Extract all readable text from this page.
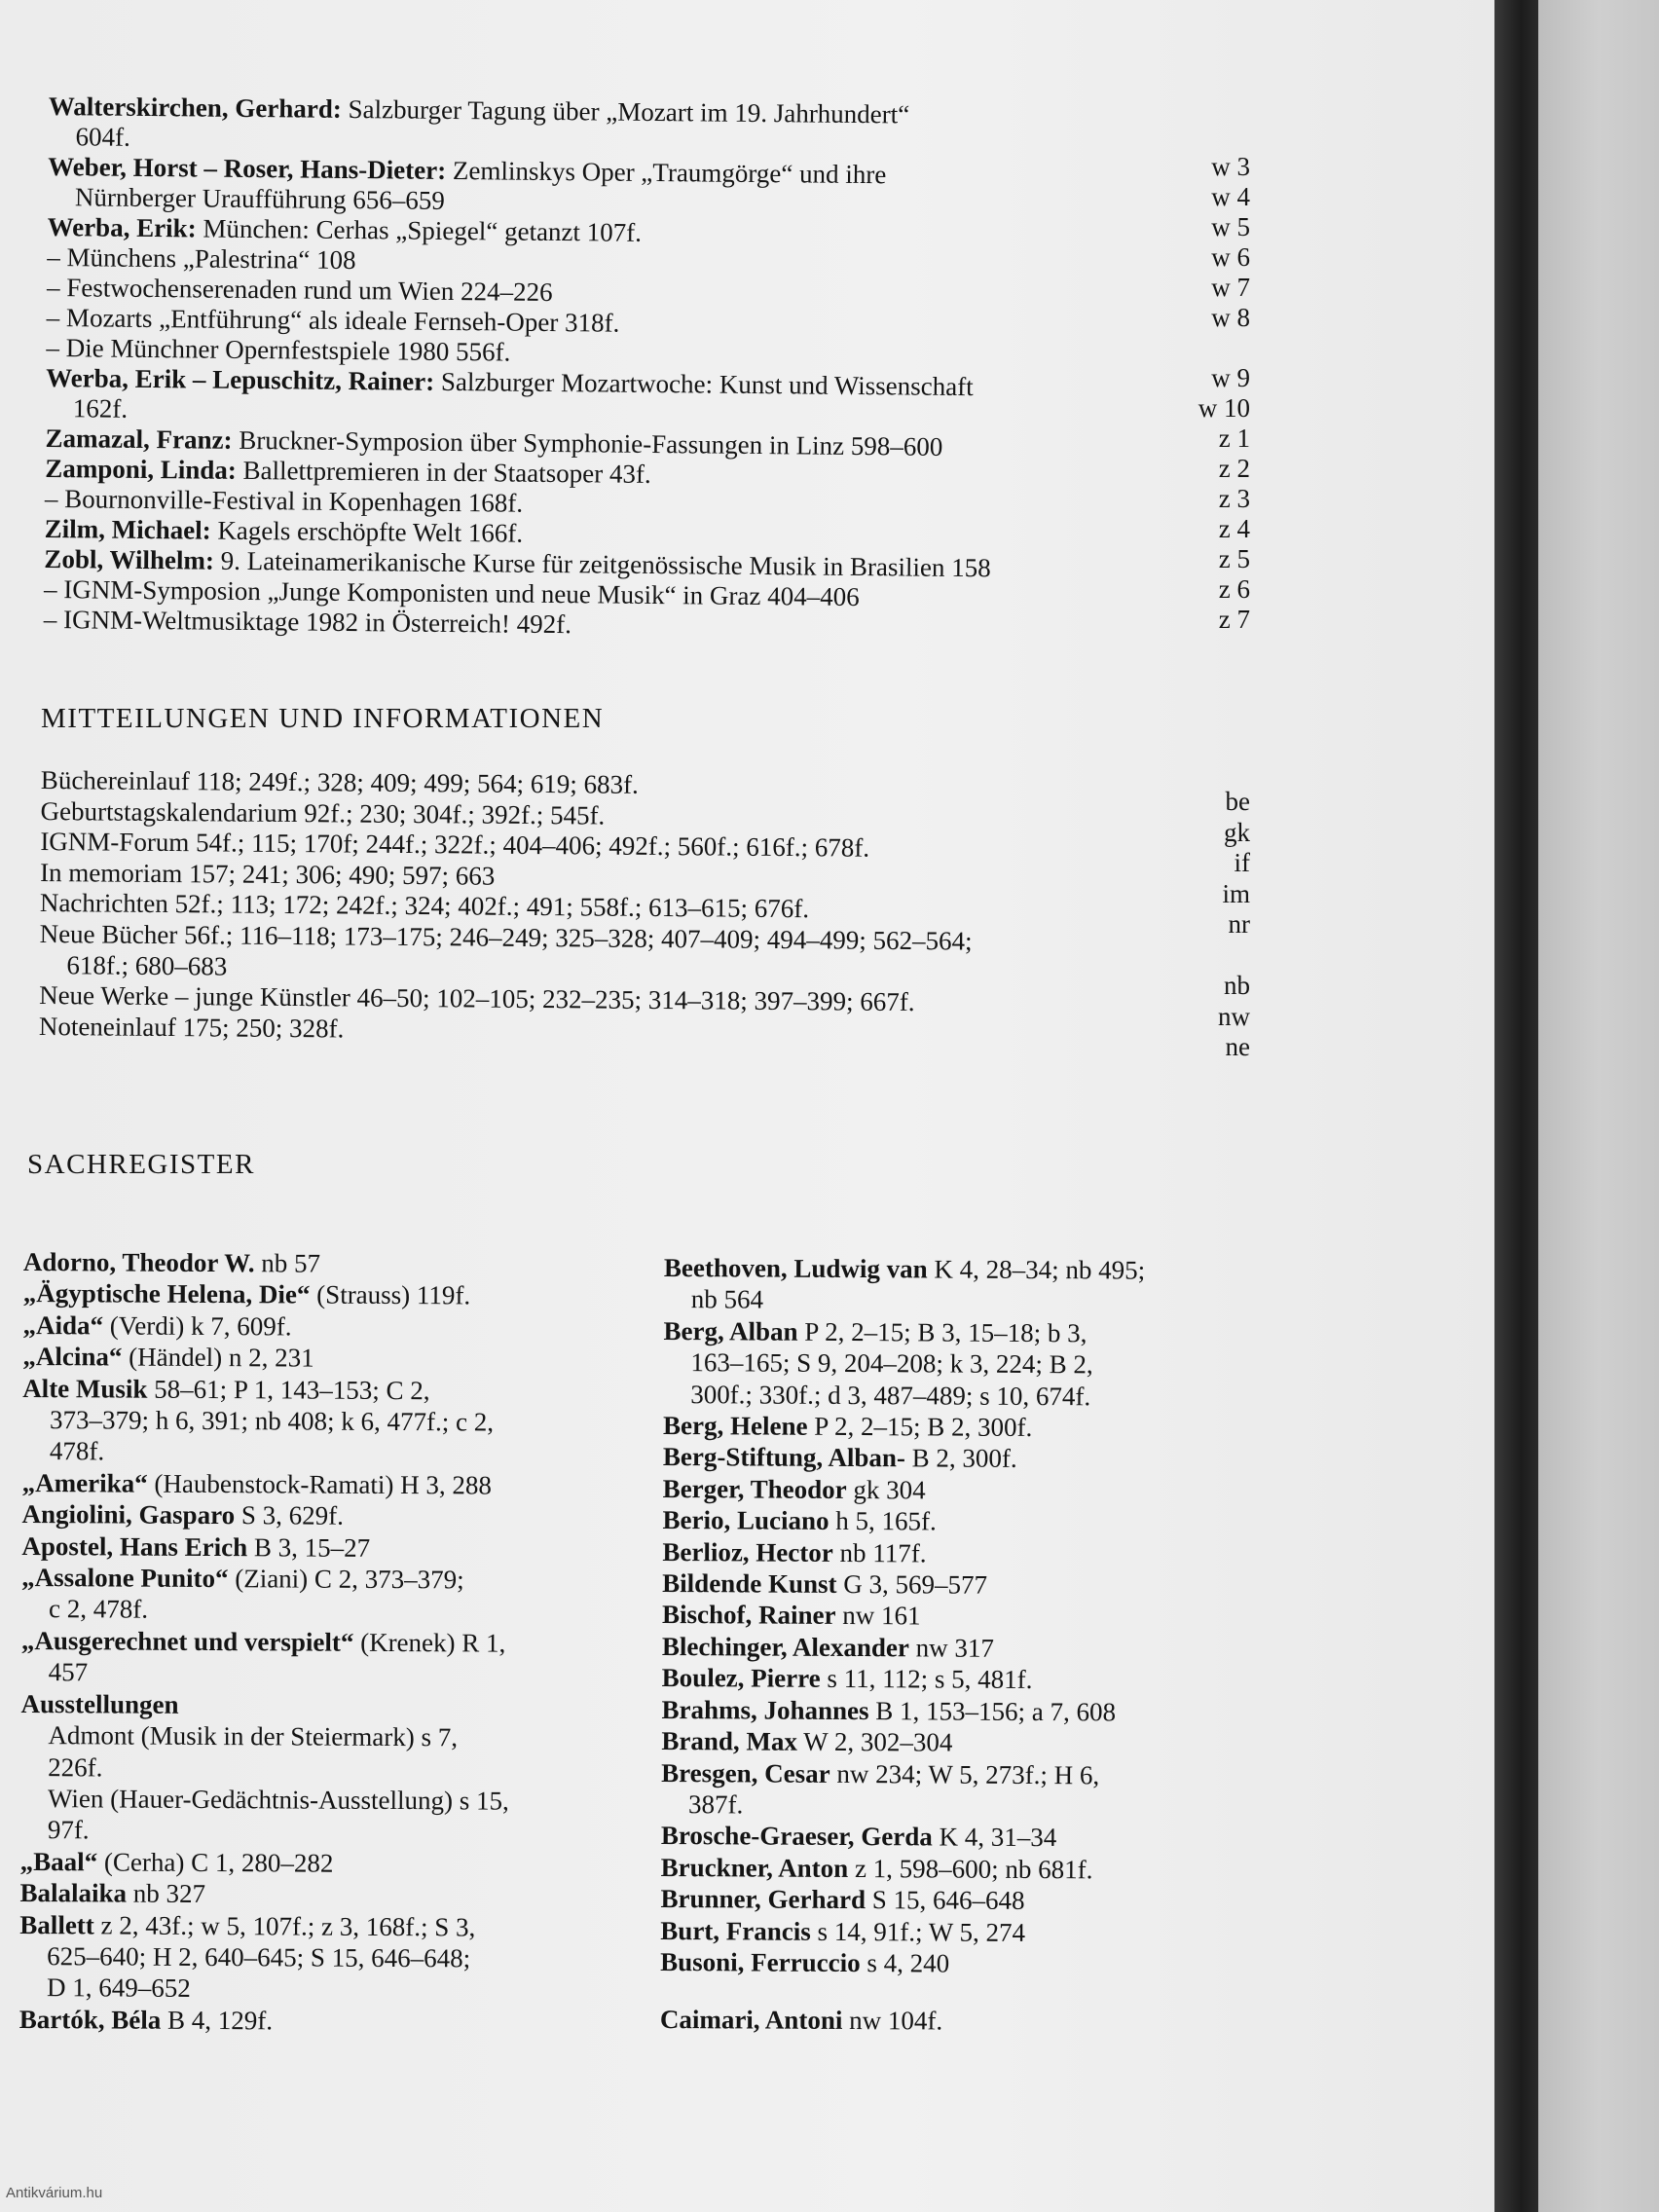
Walterskirchen, Gerhard: Salzburger Tagung über „Mozart im 19. Jahrhundert“
604f.
Weber, Horst – Roser, Hans-Dieter: Zemlinskys Oper „Traumgörge“ und ihre
Nürnberger Uraufführung 656–659
Werba, Erik: München: Cerhas „Spiegel“ getanzt 107f.
– Münchens „Palestrina“ 108
– Festwochenserenaden rund um Wien 224–226
– Mozarts „Entführung“ als ideale Fernseh-Oper 318f.
– Die Münchner Opernfestspiele 1980 556f.
Werba, Erik – Lepuschitz, Rainer: Salzburger Mozartwoche: Kunst und Wissenschaft
162f.
Zamazal, Franz: Bruckner-Symposion über Symphonie-Fassungen in Linz 598–600
Zamponi, Linda: Ballettpremieren in der Staatsoper 43f.
– Bournonville-Festival in Kopenhagen 168f.
Zilm, Michael: Kagels erschöpfte Welt 166f.
Zobl, Wilhelm: 9. Lateinamerikanische Kurse für zeitgenössische Musik in Brasilien 158
– IGNM-Symposion „Junge Komponisten und neue Musik“ in Graz 404–406
– IGNM-Weltmusiktage 1982 in Österreich! 492f.
w 3
w 4
w 5
w 6
w 7
w 8
w 9
w 10
z 1
z 2
z 3
z 4
z 5
z 6
z 7
MITTEILUNGEN UND INFORMATIONEN
Büchereinlauf 118; 249f.; 328; 409; 499; 564; 619; 683f.
Geburtstagskalendarium 92f.; 230; 304f.; 392f.; 545f.
IGNM-Forum 54f.; 115; 170f; 244f.; 322f.; 404–406; 492f.; 560f.; 616f.; 678f.
In memoriam 157; 241; 306; 490; 597; 663
Nachrichten 52f.; 113; 172; 242f.; 324; 402f.; 491; 558f.; 613–615; 676f.
Neue Bücher 56f.; 116–118; 173–175; 246–249; 325–328; 407–409; 494–499; 562–564;
618f.; 680–683
Neue Werke – junge Künstler 46–50; 102–105; 232–235; 314–318; 397–399; 667f.
Noteneinlauf 175; 250; 328f.
be
gk
if
im
nr
nb
nw
ne
SACHREGISTER
Adorno, Theodor W. nb 57
„Ägyptische Helena, Die“ (Strauss) 119f.
„Aida“ (Verdi) k 7, 609f.
„Alcina“ (Händel) n 2, 231
Alte Musik 58–61; P 1, 143–153; C 2,
373–379; h 6, 391; nb 408; k 6, 477f.; c 2,
478f.
„Amerika“ (Haubenstock-Ramati) H 3, 288
Angiolini, Gasparo S 3, 629f.
Apostel, Hans Erich B 3, 15–27
„Assalone Punito“ (Ziani) C 2, 373–379;
c 2, 478f.
„Ausgerechnet und verspielt“ (Krenek) R 1,
457
Ausstellungen
Admont (Musik in der Steiermark) s 7,
226f.
Wien (Hauer-Gedächtnis-Ausstellung) s 15,
97f.
„Baal“ (Cerha) C 1, 280–282
Balalaika nb 327
Ballett z 2, 43f.; w 5, 107f.; z 3, 168f.; S 3,
625–640; H 2, 640–645; S 15, 646–648;
D 1, 649–652
Bartók, Béla B 4, 129f.
Beethoven, Ludwig van K 4, 28–34; nb 495;
nb 564
Berg, Alban P 2, 2–15; B 3, 15–18; b 3,
163–165; S 9, 204–208; k 3, 224; B 2,
300f.; 330f.; d 3, 487–489; s 10, 674f.
Berg, Helene P 2, 2–15; B 2, 300f.
Berg-Stiftung, Alban- B 2, 300f.
Berger, Theodor gk 304
Berio, Luciano h 5, 165f.
Berlioz, Hector nb 117f.
Bildende Kunst G 3, 569–577
Bischof, Rainer nw 161
Blechinger, Alexander nw 317
Boulez, Pierre s 11, 112; s 5, 481f.
Brahms, Johannes B 1, 153–156; a 7, 608
Brand, Max W 2, 302–304
Bresgen, Cesar nw 234; W 5, 273f.; H 6,
387f.
Brosche-Graeser, Gerda K 4, 31–34
Bruckner, Anton z 1, 598–600; nb 681f.
Brunner, Gerhard S 15, 646–648
Burt, Francis s 14, 91f.; W 5, 274
Busoni, Ferruccio s 4, 240
Caimari, Antoni nw 104f.
Antikvárium.hu
